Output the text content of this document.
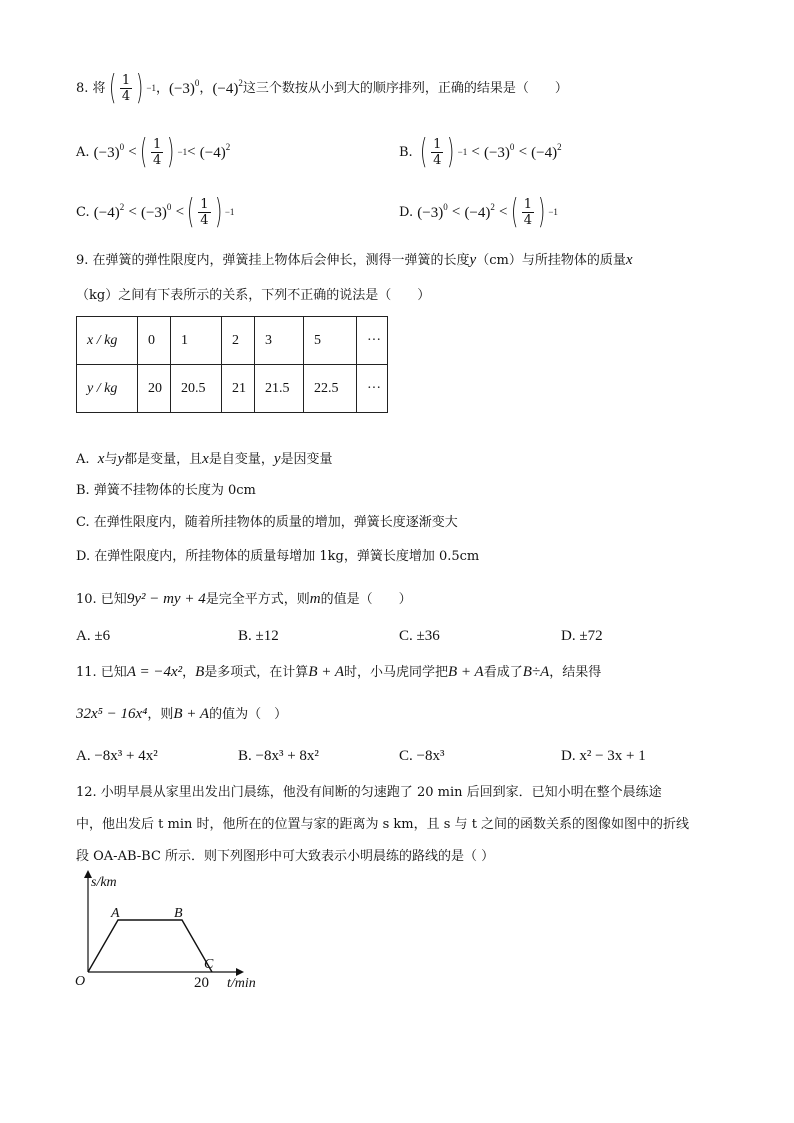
8.
将 ( $\frac{1}{4}$ ) −1 ， $(-3)^0$ ， $(-4)^2$ 这三个数按从小到大的顺序排列，正确的结果是（　　）
A.
$(-3)^0$
< ( $\frac{1}{4}$ ) −1 <
$(-4)^2$	B.
( $\frac{1}{4}$ ) −1
<
$(-3)^0$
<
$(-4)^2$
C.
$(-4)^2$
<
$(-3)^0$
< ( $\frac{1}{4}$ ) −1	D.
$(-3)^0$
<
$(-4)^2$
< ( $\frac{1}{4}$ ) −1
9. 在弹簧的弹性限度内，弹簧挂上物体后会伸长，测得一弹簧的长度y（cm）与所挂物体的质量x
（kg）之间有下表所示的关系，下列不正确的说法是（　　）
x / kg	0	1	2	3	5	···
y / kg	20	20.5	21	21.5	22.5	···
A. x与y都是变量，且x是自变量，y是因变量
B. 弹簧不挂物体的长度为 0cm
C. 在弹性限度内，随着所挂物体的质量的增加，弹簧长度逐渐变大
D. 在弹性限度内，所挂物体的质量每增加 1kg，弹簧长度增加 0.5cm
10. 已知9y² − my + 4是完全平方式，则m的值是（　　）
A. ±6	B. ±12	C. ±36	D. ±72
11. 已知A = −4x²，B是多项式，在计算B + A时，小马虎同学把B + A看成了B÷A，结果得
32x⁵ − 16x⁴，则B + A的值为（　）
A. −8x³ + 4x²	B. −8x³ + 8x²	C. −8x³	D. x² − 3x + 1
12. 小明早晨从家里出发出门晨练，他没有间断的匀速跑了 20 min 后回到家．已知小明在整个晨练途
中，他出发后 t min 时，他所在的位置与家的距离为 s km，且 s 与 t 之间的函数关系的图像如图中的折线
段 OA-AB-BC 所示．则下列图形中可大致表示小明晨练的路线的是（ ）
s/km
A	B
C
O	20 t/min
